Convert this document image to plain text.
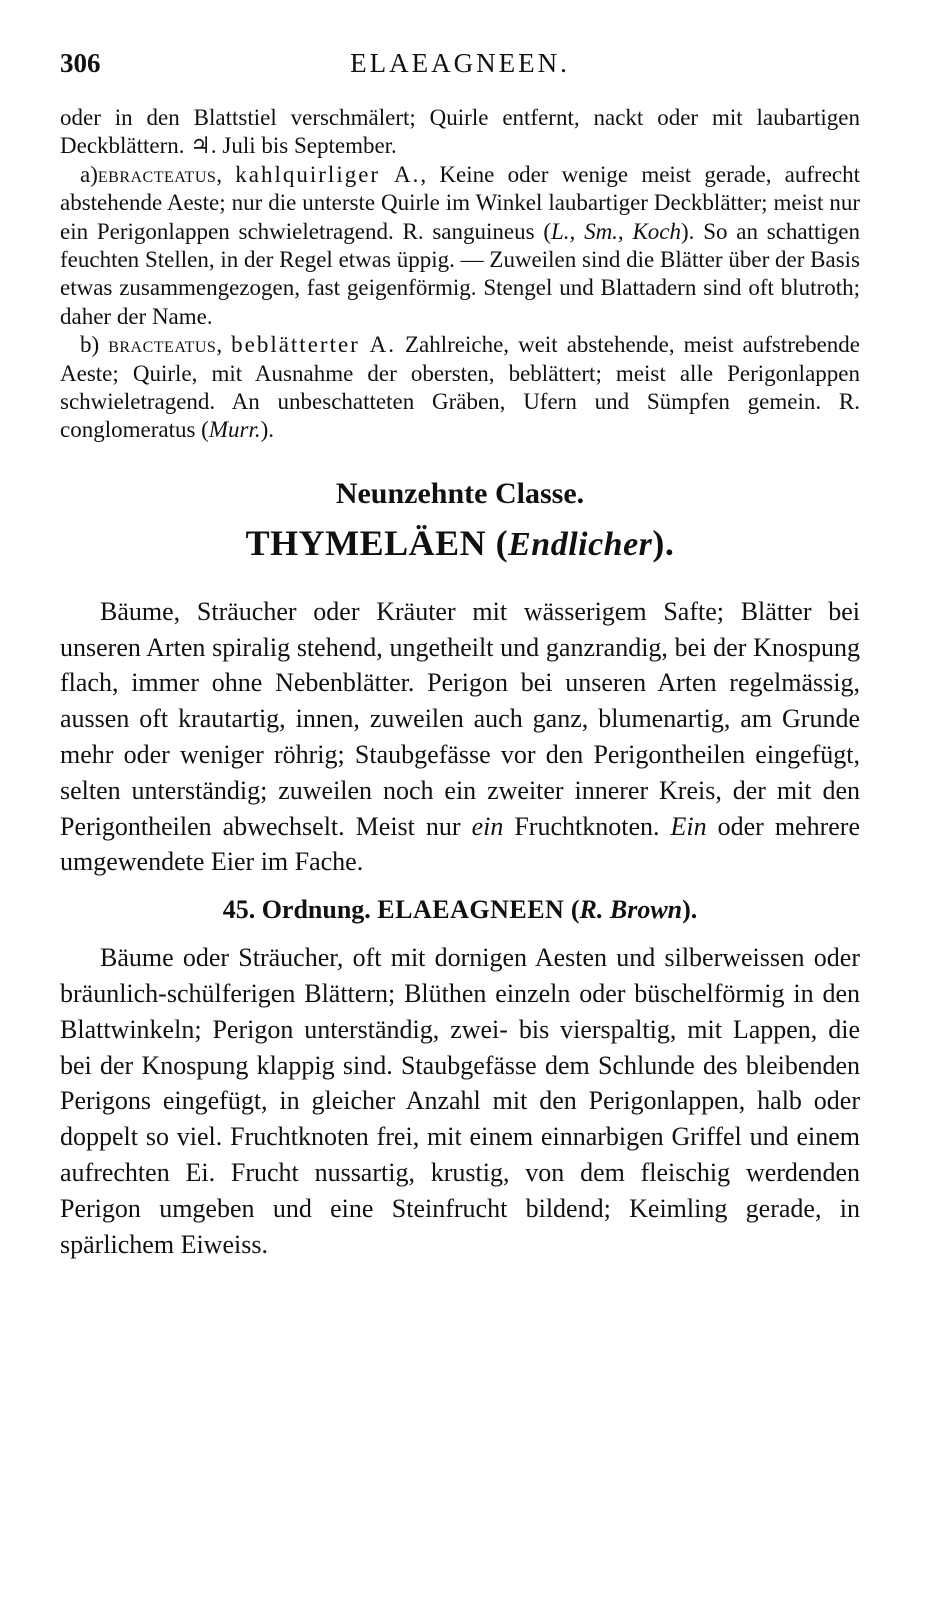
306	ELAEAGNEEN.

oder in den Blattstiel verschmälert; Quirle entfernt, nackt oder mit laubartigen Deckblättern. ♃. Juli bis September.

a)ebracteatus, kahlquirliger A., Keine oder wenige meist gerade, aufrecht abstehende Aeste; nur die unterste Quirle im Winkel laubartiger Deckblätter; meist nur ein Perigonlappen schwieletragend. R. sanguineus (L., Sm., Koch). So an schattigen feuchten Stellen, in der Regel etwas üppig. — Zuweilen sind die Blätter über der Basis etwas zusammengezogen, fast geigenförmig. Stengel und Blattadern sind oft blutroth; daher der Name.

b) bracteatus, beblätterter A. Zahlreiche, weit abstehende, meist aufstrebende Aeste; Quirle, mit Ausnahme der obersten, beblättert; meist alle Perigonlappen schwieletragend. An unbeschatteten Gräben, Ufern und Sümpfen gemein. R. conglomeratus (Murr.).

Neunzehnte Classe.
THYMELÄEN (Endlicher).

Bäume, Sträucher oder Kräuter mit wässerigem Safte; Blätter bei unseren Arten spiralig stehend, ungetheilt und ganzrandig, bei der Knospung flach, immer ohne Nebenblätter. Perigon bei unseren Arten regelmässig, aussen oft krautartig, innen, zuweilen auch ganz, blumenartig, am Grunde mehr oder weniger röhrig; Staubgefässe vor den Perigontheilen eingefügt, selten unterständig; zuweilen noch ein zweiter innerer Kreis, der mit den Perigontheilen abwechselt. Meist nur ein Fruchtknoten. Ein oder mehrere umgewendete Eier im Fache.

45. Ordnung. ELAEAGNEEN (R. Brown).

Bäume oder Sträucher, oft mit dornigen Aesten und silberweissen oder bräunlich-schülferigen Blättern; Blüthen einzeln oder büschelförmig in den Blattwinkeln; Perigon unterständig, zwei- bis vierspaltig, mit Lappen, die bei der Knospung klappig sind. Staubgefässe dem Schlunde des bleibenden Perigons eingefügt, in gleicher Anzahl mit den Perigonlappen, halb oder doppelt so viel. Fruchtknoten frei, mit einem einnarbigen Griffel und einem aufrechten Ei. Frucht nussartig, krustig, von dem fleischig werdenden Perigon umgeben und eine Steinfrucht bildend; Keimling gerade, in spärlichem Eiweiss.
